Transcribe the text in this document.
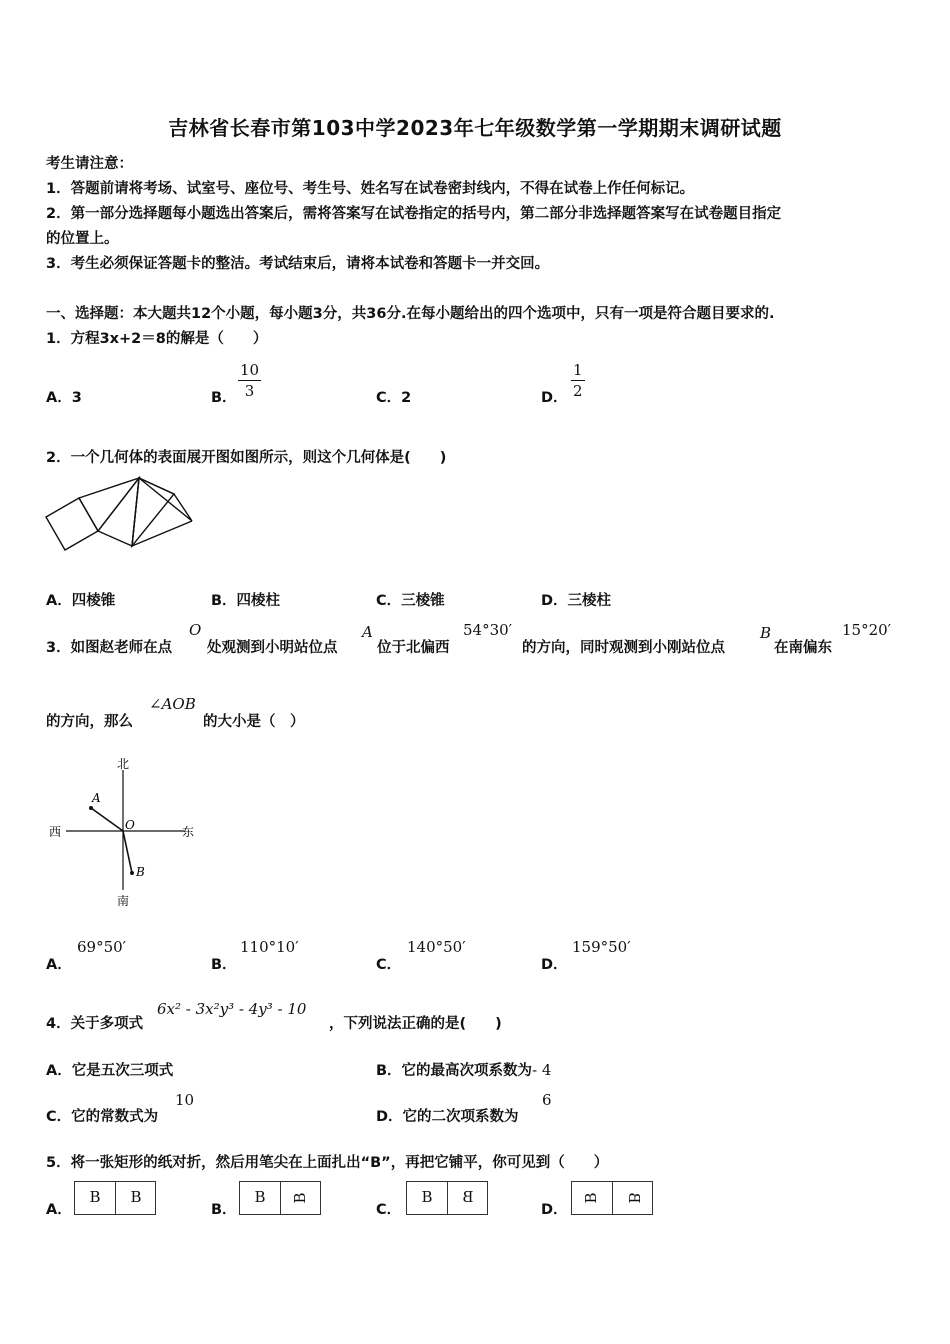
吉林省长春市第103中学2023年七年级数学第一学期期末调研试题
考生请注意：
1．答题前请将考场、试室号、座位号、考生号、姓名写在试卷密封线内，不得在试卷上作任何标记。
2．第一部分选择题每小题选出答案后，需将答案写在试卷指定的括号内，第二部分非选择题答案写在试卷题目指定
的位置上。
3．考生必须保证答题卡的整洁。考试结束后，请将本试卷和答题卡一并交回。
一、选择题：本大题共12个小题，每小题3分，共36分.在每小题给出的四个选项中，只有一项是符合题目要求的.
1．方程3x+2＝8的解是（　　）
A．3	B． $\frac{10}{3}$	C．2	D． $\frac{1}{2}$
2．一个几何体的表面展开图如图所示，则这个几何体是(　　)
A．四棱锥	B．四棱柱	C．三棱锥	D．三棱柱
3．如图赵老师在点
O
处观测到小明站位点
A
位于北偏西
54°30′
的方向，同时观测到小刚站位点
B
在南偏东
15°20′
的方向，那么
∠AOB
的大小是（　）
北
南
西	东
O
A
B
A．
69°50′
B．
110°10′
C．
140°50′
D．
159°50′
4．关于多项式
6x² - 3x²y³ - 4y³ - 10
，下列说法正确的是(　　)
A．它是五次三项式	B．它的最高次项系数为- 4
C．它的常数式为
10
D．它的二次项系数为
6
5．将一张矩形的纸对折，然后用笔尖在上面扎出“B”，再把它铺平，你可见到（　　）
A．
B	B
B．
B	B
C．
B	B
D．
B	B
